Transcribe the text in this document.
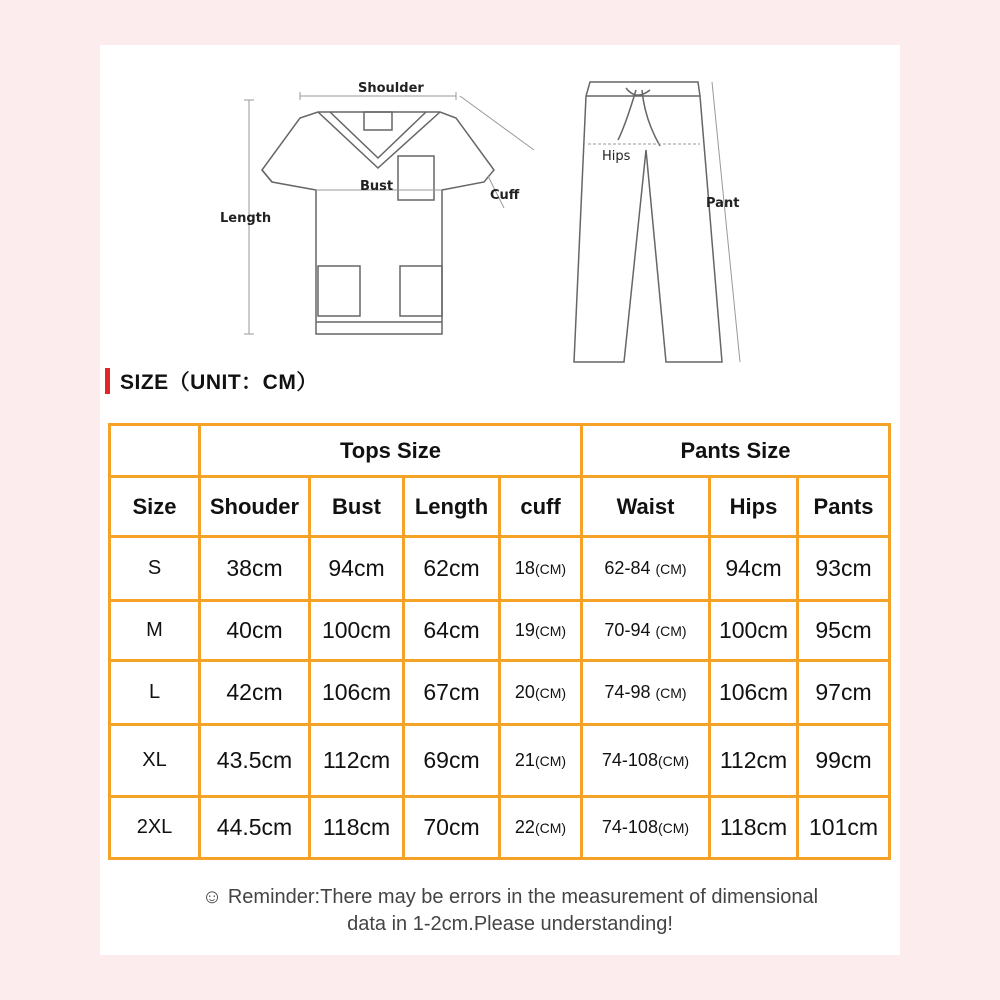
Shoulder
Bust
Cuff
Length
Hips
Pant
SIZE（UNIT：CM）
	Tops Size				Pants Size		
Size	Shouder	Bust	Length	cuff	Waist	Hips	Pants
S	38cm	94cm	62cm	18(CM)	62-84 (CM)	94cm	93cm
M	40cm	100cm	64cm	19(CM)	70-94 (CM)	100cm	95cm
L	42cm	106cm	67cm	20(CM)	74-98 (CM)	106cm	97cm
XL	43.5cm	112cm	69cm	21(CM)	74-108(CM)	112cm	99cm
2XL	44.5cm	118cm	70cm	22(CM)	74-108(CM)	118cm	101cm
☺ Reminder:There may be errors in the measurement of dimensional
data in 1-2cm.Please understanding!
